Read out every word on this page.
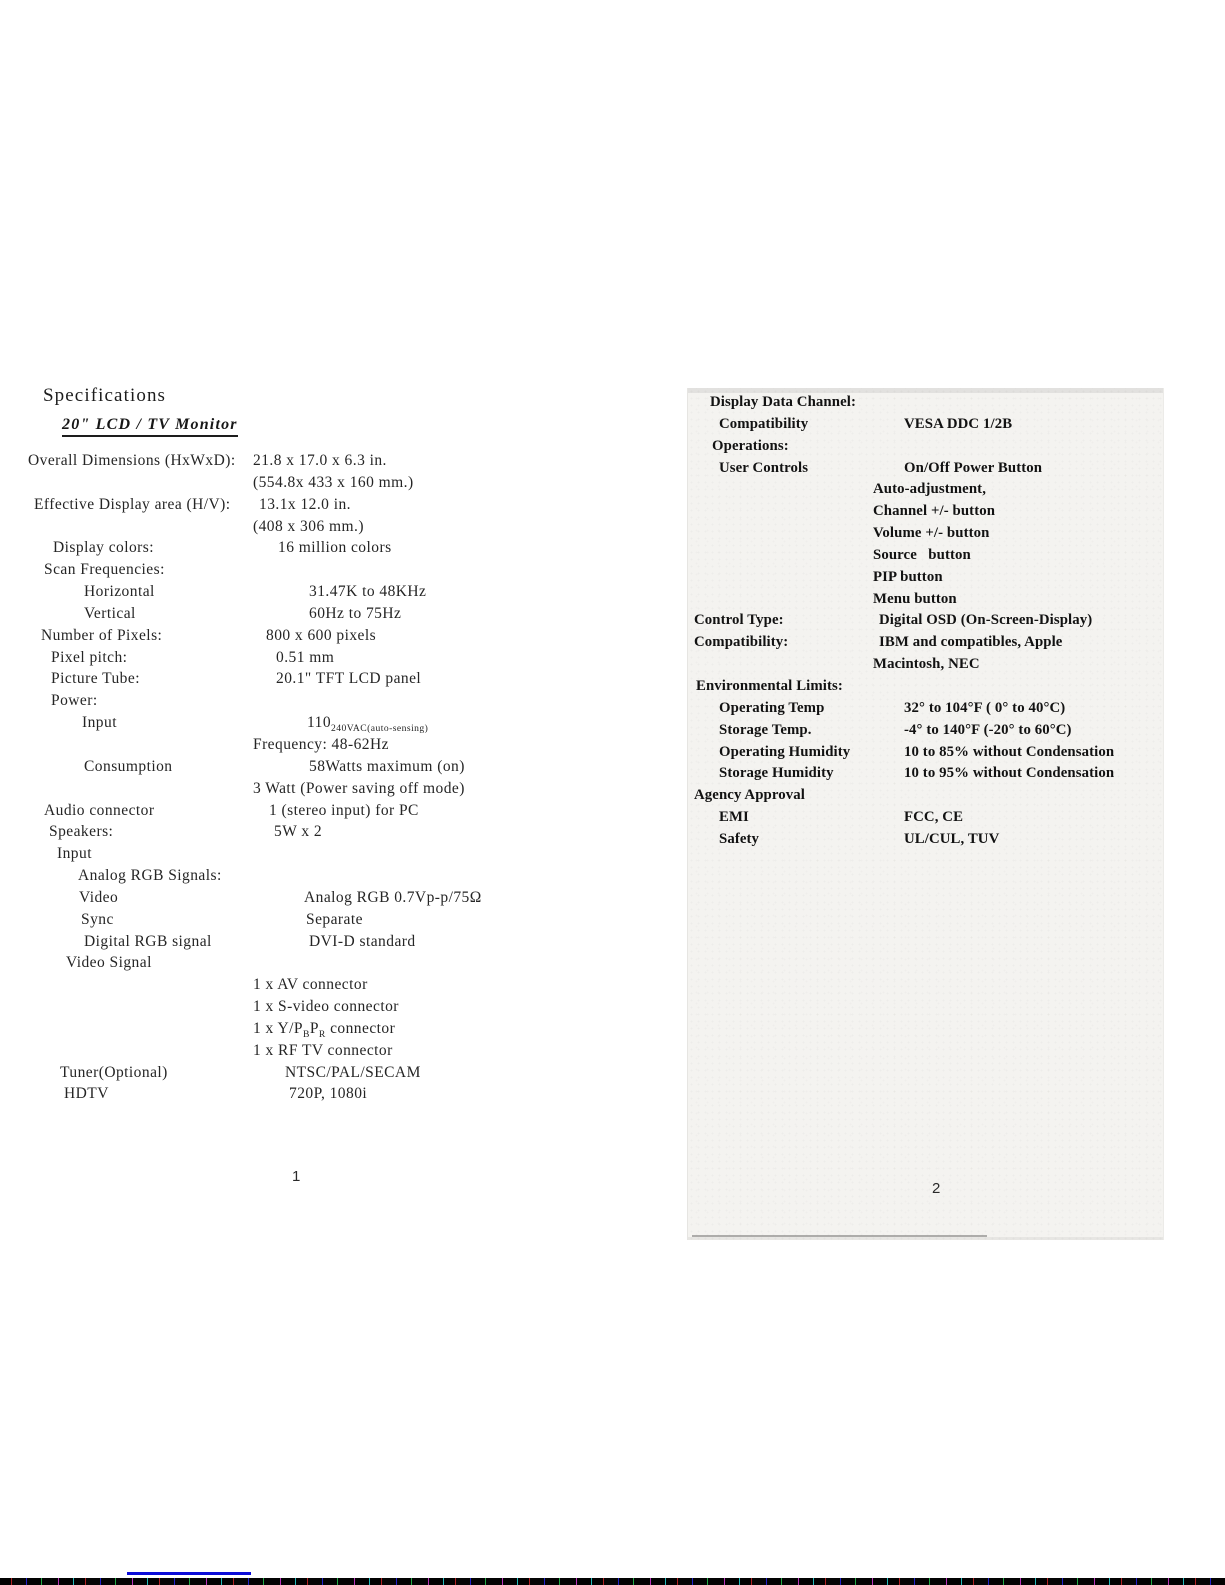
Specifications
20" LCD / TV Monitor
Overall Dimensions (HxWxD):	21.8 x 17.0 x 6.3 in.
(554.8x 433 x 160 mm.)
Effective Display area (H/V):	13.1x 12.0 in.
(408 x 306 mm.)
Display colors:	16 million colors
Scan Frequencies:
Horizontal	31.47K to 48KHz
Vertical	60Hz to 75Hz
Number of Pixels:	800 x 600 pixels
Pixel pitch:	0.51 mm
Picture Tube:	20.1" TFT LCD panel
Power:
Input	$110_{240VAC(auto-sensing)}$
Frequency: 48-62Hz
Consumption	58Watts maximum (on)
3 Watt (Power saving off mode)
Audio connector	1 (stereo input) for PC
Speakers:	5W x 2
Input
Analog RGB Signals:
Video	Analog RGB 0.7Vp-p/75Ω
Sync	Separate
Digital RGB signal	DVI-D standard
Video Signal
1 x AV connector
1 x S-video connector
1 x $Y/P_BP_R$ connector
1 x RF TV connector
Tuner(Optional)	NTSC/PAL/SECAM
HDTV	720P, 1080i
Display Data Channel:
Compatibility	VESA DDC 1/2B
Operations:
User Controls	On/Off Power Button
Auto-adjustment,
Channel +/- button
Volume +/- button
Source   button
PIP button
Menu button
Control Type:	Digital OSD (On-Screen-Display)
Compatibility:	IBM and compatibles, Apple
Macintosh, NEC
Environmental Limits:
Operating Temp	32° to 104°F ( 0° to 40°C)
Storage Temp.	-4° to 140°F (-20° to 60°C)
Operating Humidity	10 to 85% without Condensation
Storage Humidity	10 to 95% without Condensation
Agency Approval
EMI	FCC, CE
Safety	UL/CUL, TUV
1
2
